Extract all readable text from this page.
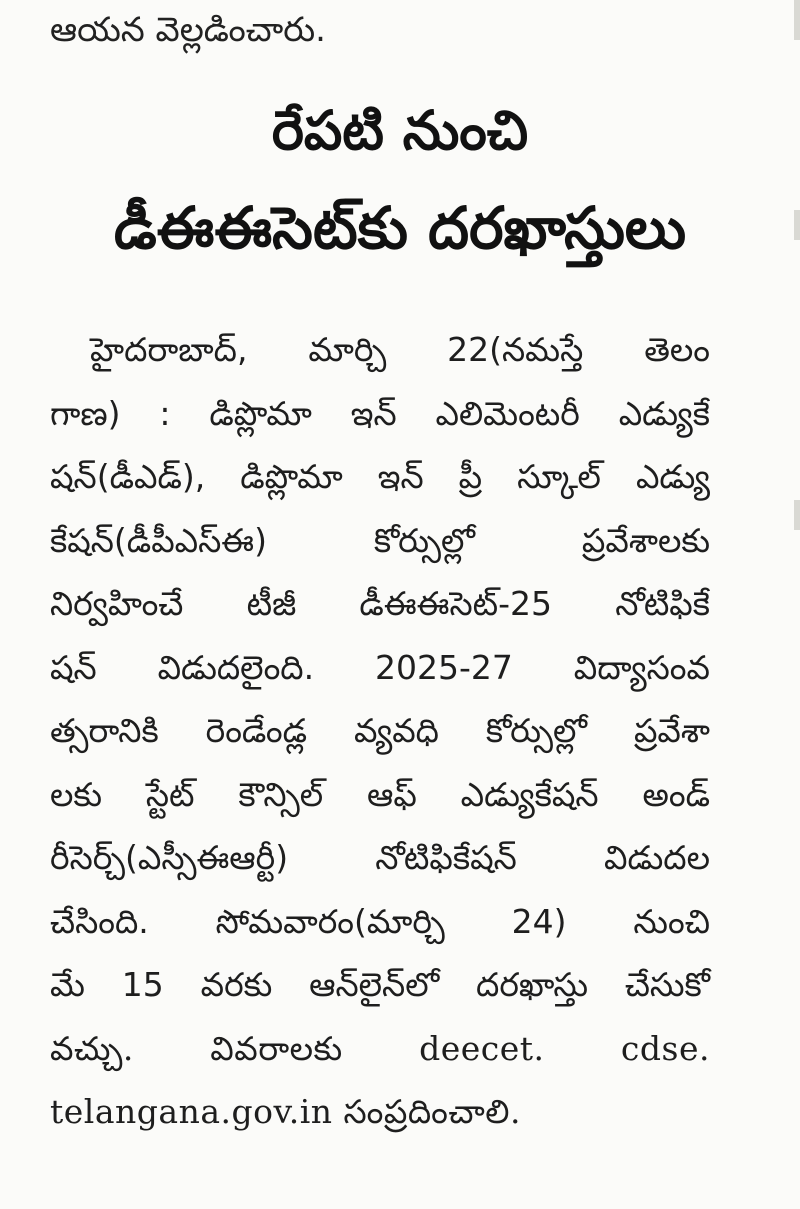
ఆయన వెల్లడించారు.
రేపటి నుంచి
డీఈఈసెట్‌కు దరఖాస్తులు
హైదరాబాద్, మార్చి 22(నమస్తే తెలం
గాణ) : డిప్లొమా ఇన్ ఎలిమెంటరీ ఎడ్యుకే
షన్(డీఎడ్), డిప్లొమా ఇన్ ప్రీ స్కూల్ ఎడ్యు
కేషన్(డీపీఎస్ఈ) కోర్సుల్లో ప్రవేశాలకు
నిర్వహించే టీజీ డీఈఈసెట్-25 నోటిఫికే
షన్ విడుదలైంది. 2025-27 విద్యాసంవ
త్సరానికి రెండేండ్ల వ్యవధి కోర్సుల్లో ప్రవేశా
లకు స్టేట్ కౌన్సిల్ ఆఫ్ ఎడ్యుకేషన్ అండ్
రీసెర్చ్(ఎస్సీఈఆర్టీ) నోటిఫికేషన్ విడుదల
చేసింది. సోమవారం(మార్చి 24) నుంచి
మే 15 వరకు ఆన్‌లైన్‌లో దరఖాస్తు చేసుకో
వచ్చు. వివరాలకు deecet. cdse.
telangana.gov.in సంప్రదించాలి.
